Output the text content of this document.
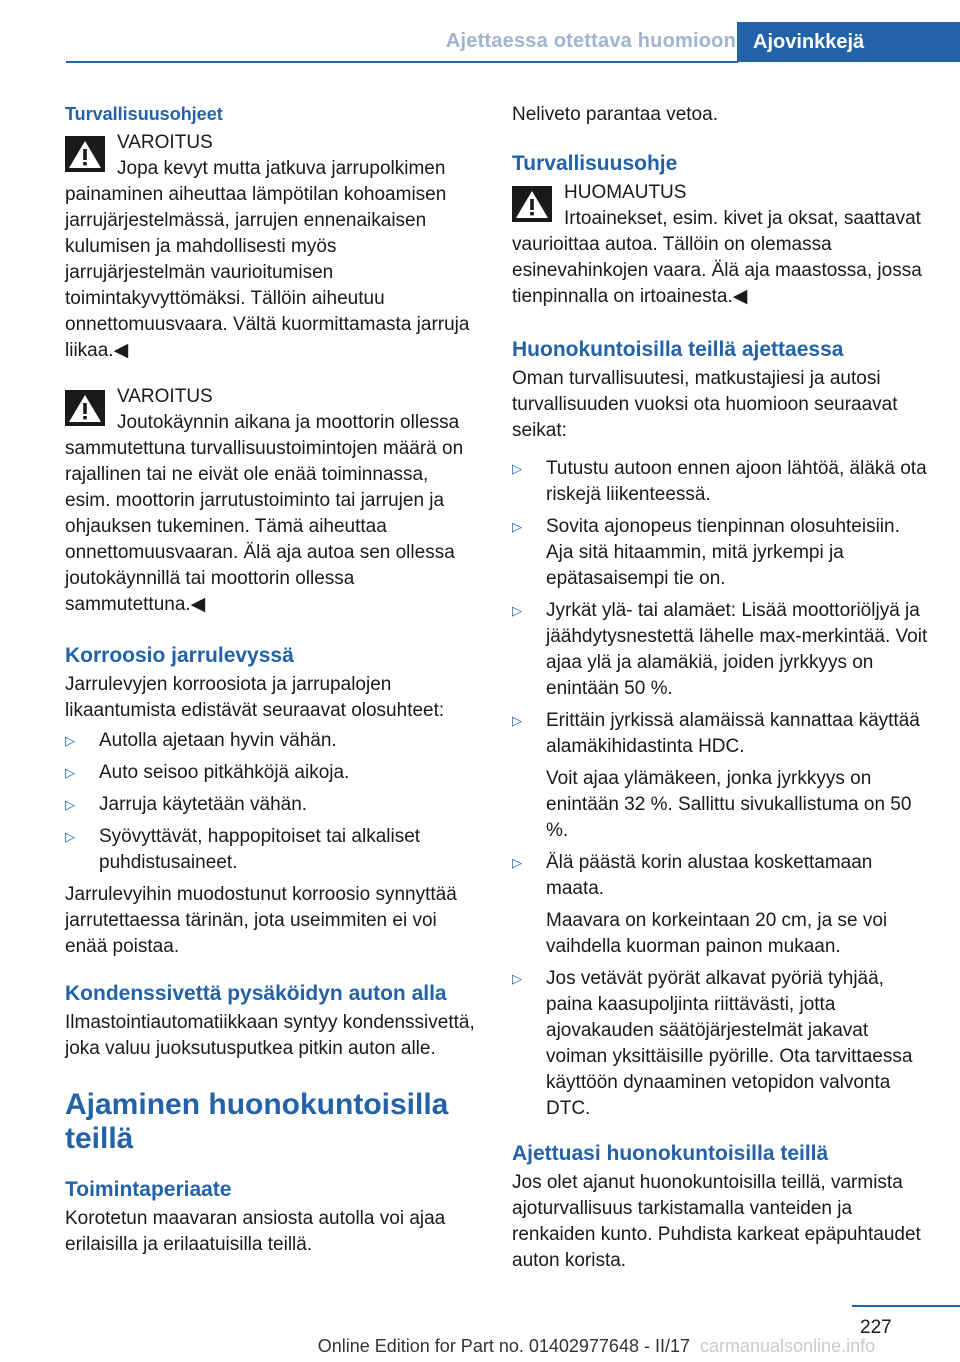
Ajettaessa otettava huomioon Ajovinkkejä
Turvallisuusohjeet
VAROITUS
Jopa kevyt mutta jatkuva jarrupolkimen painaminen aiheuttaa lämpötilan kohoamisen jarrujärjestelmässä, jarrujen ennenaikaisen kulumisen ja mahdollisesti myös jarrujärjestelmän vaurioitumisen toimintakyvyttömäksi. Tällöin aiheutuu onnettomuusvaara. Vältä kuormittamasta jarruja liikaa.◀
VAROITUS
Joutokäynnin aikana ja moottorin ollessa sammutettuna turvallisuustoimintojen määrä on rajallinen tai ne eivät ole enää toiminnassa, esim. moottorin jarrutustoiminto tai jarrujen ja ohjauksen tukeminen. Tämä aiheuttaa onnettomuusvaaran. Älä aja autoa sen ollessa joutokäynnillä tai moottorin ollessa sammutettuna.◀
Korroosio jarrulevyssä

Jarrulevyjen korroosiota ja jarrupalojen likaantumista edistävät seuraavat olosuhteet:

▷ Autolla ajetaan hyvin vähän.
▷ Auto seisoo pitkähköjä aikoja.
▷ Jarruja käytetään vähän.
▷ Syövyttävät, happopitoiset tai alkaliset puhdistusaineet.

Jarrulevyihin muodostunut korroosio synnyttää jarrutettaessa tärinän, jota useimmiten ei voi enää poistaa.

Kondenssivettä pysäköidyn auton alla

Ilmastointiautomatiikkaan syntyy kondenssivettä, joka valuu juoksutusputkea pitkin auton alle.

Ajaminen huonokuntoisilla teillä
Toimintaperiaate

Korotetun maavaran ansiosta autolla voi ajaa erilaisilla ja erilaatuisilla teillä.

Neliveto parantaa vetoa.

Turvallisuusohje
HUOMAUTUS
Irtoainekset, esim. kivet ja oksat, saattavat vaurioittaa autoa. Tällöin on olemassa esinevahinkojen vaara. Älä aja maastossa, jossa tienpinnalla on irtoainesta.◀
Huonokuntoisilla teillä ajettaessa

Oman turvallisuutesi, matkustajiesi ja autosi turvallisuuden vuoksi ota huomioon seuraavat seikat:

▷ Tutustu autoon ennen ajoon lähtöä, äläkä ota riskejä liikenteessä.
▷ Sovita ajonopeus tienpinnan olosuhteisiin. Aja sitä hitaammin, mitä jyrkempi ja epätasaisempi tie on.
▷ Jyrkät ylä- tai alamäet: Lisää moottoriöljyä ja jäähdytysnestettä lähelle max-merkintää. Voit ajaa ylä ja alamäkiä, joiden jyrkkyys on enintään 50 %.
▷ Erittäin jyrkissä alamäissä kannattaa käyttää alamäkihidastinta HDC.
Voit ajaa ylämäkeen, jonka jyrkkyys on enintään 32 %. Sallittu sivukallistuma on 50 %.
▷ Älä päästä korin alustaa koskettamaan maata.
Maavara on korkeintaan 20 cm, ja se voi vaihdella kuorman painon mukaan.
▷ Jos vetävät pyörät alkavat pyöriä tyhjää, paina kaasupoljinta riittävästi, jotta ajovakauden säätöjärjestelmät jakavat voiman yksittäisille pyörille. Ota tarvittaessa käyttöön dynaaminen vetopidon valvonta DTC.
Ajettuasi huonokuntoisilla teillä

Jos olet ajanut huonokuntoisilla teillä, varmista ajoturvallisuus tarkistamalla vanteiden ja renkaiden kunto. Puhdista karkeat epäpuhtaudet auton korista.

227
Online Edition for Part no. 01402977648 - II/17 carmanualsonline.info
